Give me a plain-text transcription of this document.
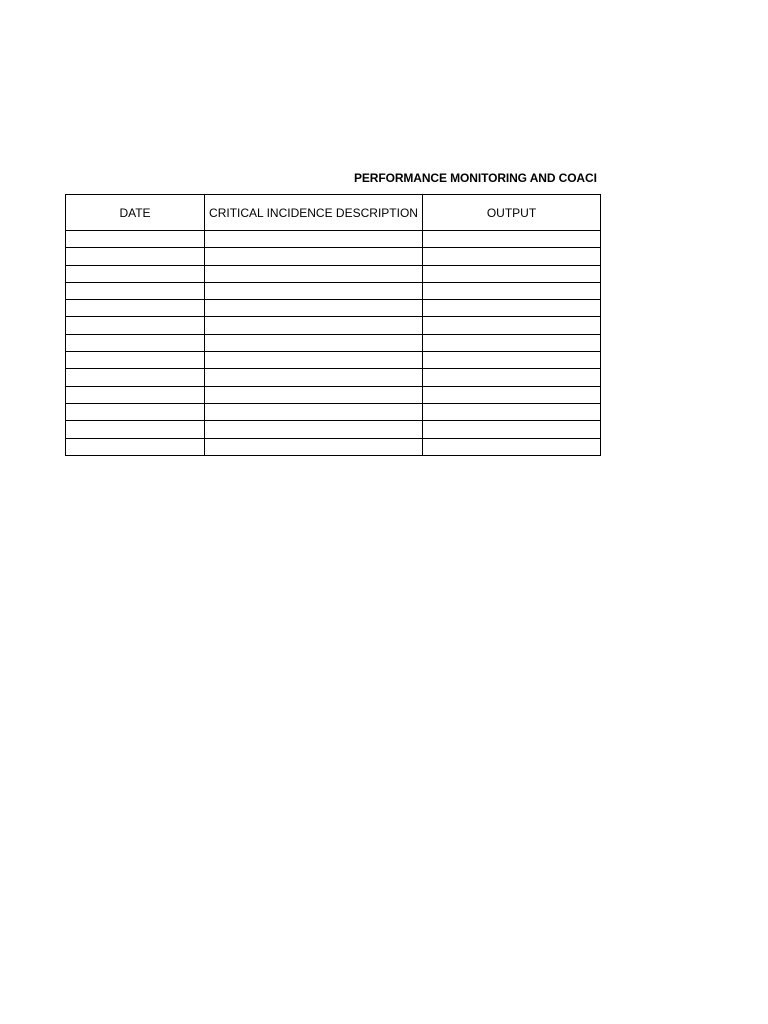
PERFORMANCE MONITORING AND COACI
DATE	CRITICAL INCIDENCE DESCRIPTION	OUTPUT
